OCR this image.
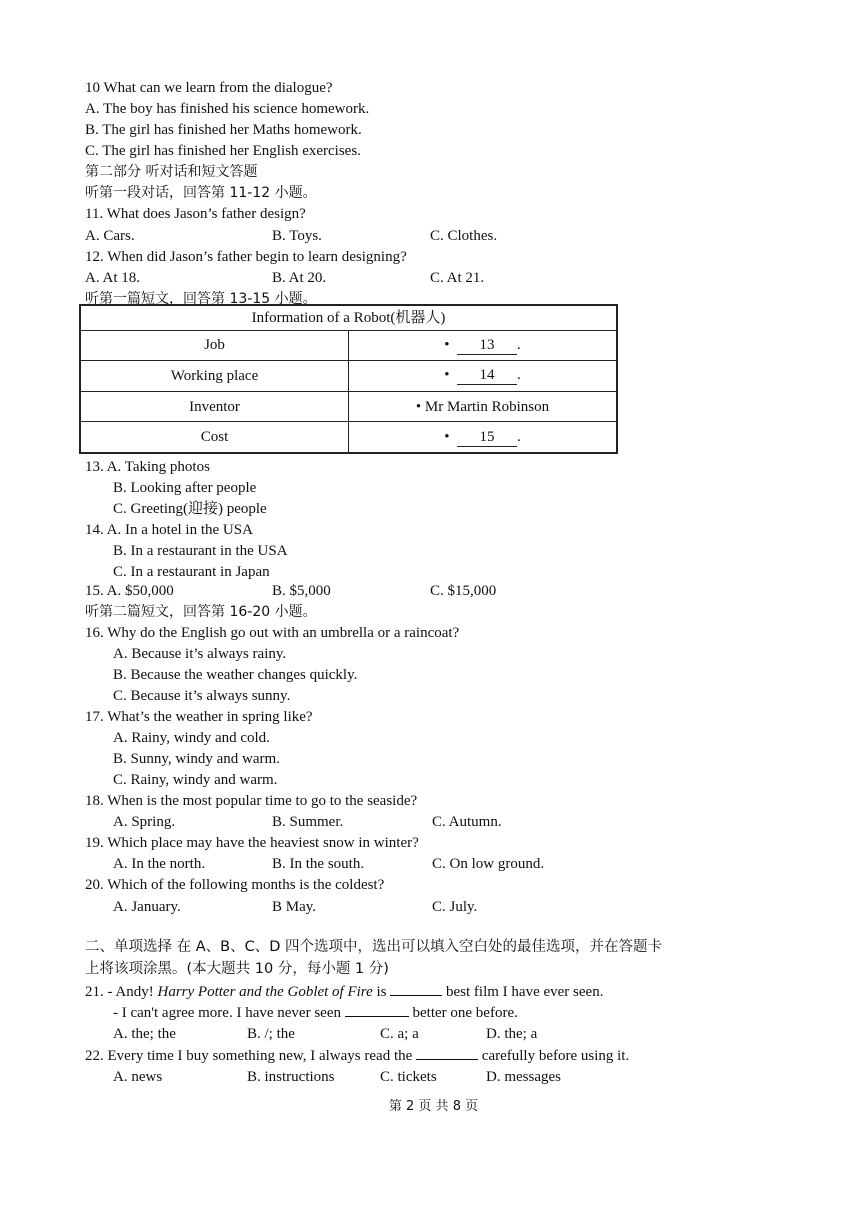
10 What can we learn from the dialogue?
A. The boy has finished his science homework.
B. The girl has finished her Maths homework.
C. The girl has finished her English exercises.
第二部分 听对话和短文答题
听第一段对话，回答第 11-12 小题。
11. What does Jason’s father design?
A. Cars.	B. Toys.	C. Clothes.
12. When did Jason’s father begin to learn designing?
A. At 18.	B. At 20.	C. At 21.
听第一篇短文，回答第 13-15 小题。
Information of a Robot(机器人)	
Job	• 13 .
Working place	• 14 .
Inventor	• Mr Martin Robinson
Cost	• 15 .
13. A. Taking photos
B. Looking after people
C. Greeting(迎接) people
14. A. In a hotel in the USA
B. In a restaurant in the USA
C. In a restaurant in Japan
15. A. $50,000	B. $5,000	C. $15,000
听第二篇短文，回答第 16-20 小题。
16. Why do the English go out with an umbrella or a raincoat?
A. Because it’s always rainy.
B. Because the weather changes quickly.
C. Because it’s always sunny.
17. What’s the weather in spring like?
A. Rainy, windy and cold.
B. Sunny, windy and warm.
C. Rainy, windy and warm.
18. When is the most popular time to go to the seaside?
A. Spring.	B. Summer.	C. Autumn.
19. Which place may have the heaviest snow in winter?
A. In the north.	B. In the south.	C. On low ground.
20. Which of the following months is the coldest?
A. January.	B May.	C. July.
二、单项选择 在 A、B、C、D 四个选项中，选出可以填入空白处的最佳选项，并在答题卡
上将该项涂黑。(本大题共 10 分，每小题 1 分)
21. - Andy! Harry Potter and the Goblet of Fire is	best film I have ever seen.
- I can't agree more. I have never seen	better one before.
A. the; the	B. /; the	C. a; a	D. the; a
22. Every time I buy something new, I always read the	carefully before using it.
A. news	B. instructions	C. tickets	D. messages
第 2 页 共 8 页
